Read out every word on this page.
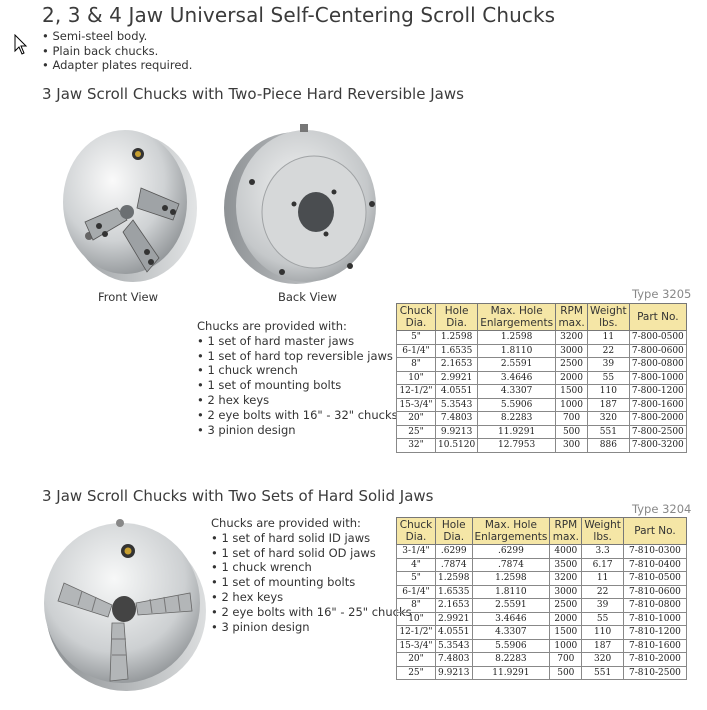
2, 3 & 4 Jaw Universal Self-Centering Scroll Chucks
• Semi-steel body.
• Plain back chucks.
• Adapter plates required.
3 Jaw Scroll Chucks with Two-Piece Hard Reversible Jaws
Front View	Back View	Type 3205
Chucks are provided with:
• 1 set of hard master jaws
• 1 set of hard top reversible jaws
• 1 chuck wrench
• 1 set of mounting bolts
• 2 hex keys
• 2 eye bolts with 16" - 32" chucks
• 3 pinion design
Chuck Dia.	Hole Dia.	Max. Hole Enlargements	RPM max.	Weight lbs.	Part No.
5"	1.2598	1.2598	3200	11	7-800-0500
6-1/4"	1.6535	1.8110	3000	22	7-800-0600
8"	2.1653	2.5591	2500	39	7-800-0800
10"	2.9921	3.4646	2000	55	7-800-1000
12-1/2"	4.0551	4.3307	1500	110	7-800-1200
15-3/4"	5.3543	5.5906	1000	187	7-800-1600
20"	7.4803	8.2283	700	320	7-800-2000
25"	9.9213	11.9291	500	551	7-800-2500
32"	10.5120	12.7953	300	886	7-800-3200
3 Jaw Scroll Chucks with Two Sets of Hard Solid Jaws
Type 3204
Chucks are provided with:
• 1 set of hard solid ID jaws
• 1 set of hard solid OD jaws
• 1 chuck wrench
• 1 set of mounting bolts
• 2 hex keys
• 2 eye bolts with 16" - 25" chucks
• 3 pinion design
Chuck Dia.	Hole Dia.	Max. Hole Enlargements	RPM max.	Weight lbs.	Part No.
3-1/4"	.6299	.6299	4000	3.3	7-810-0300
4"	.7874	.7874	3500	6.17	7-810-0400
5"	1.2598	1.2598	3200	11	7-810-0500
6-1/4"	1.6535	1.8110	3000	22	7-810-0600
8"	2.1653	2.5591	2500	39	7-810-0800
10"	2.9921	3.4646	2000	55	7-810-1000
12-1/2"	4.0551	4.3307	1500	110	7-810-1200
15-3/4"	5.3543	5.5906	1000	187	7-810-1600
20"	7.4803	8.2283	700	320	7-810-2000
25"	9.9213	11.9291	500	551	7-810-2500
